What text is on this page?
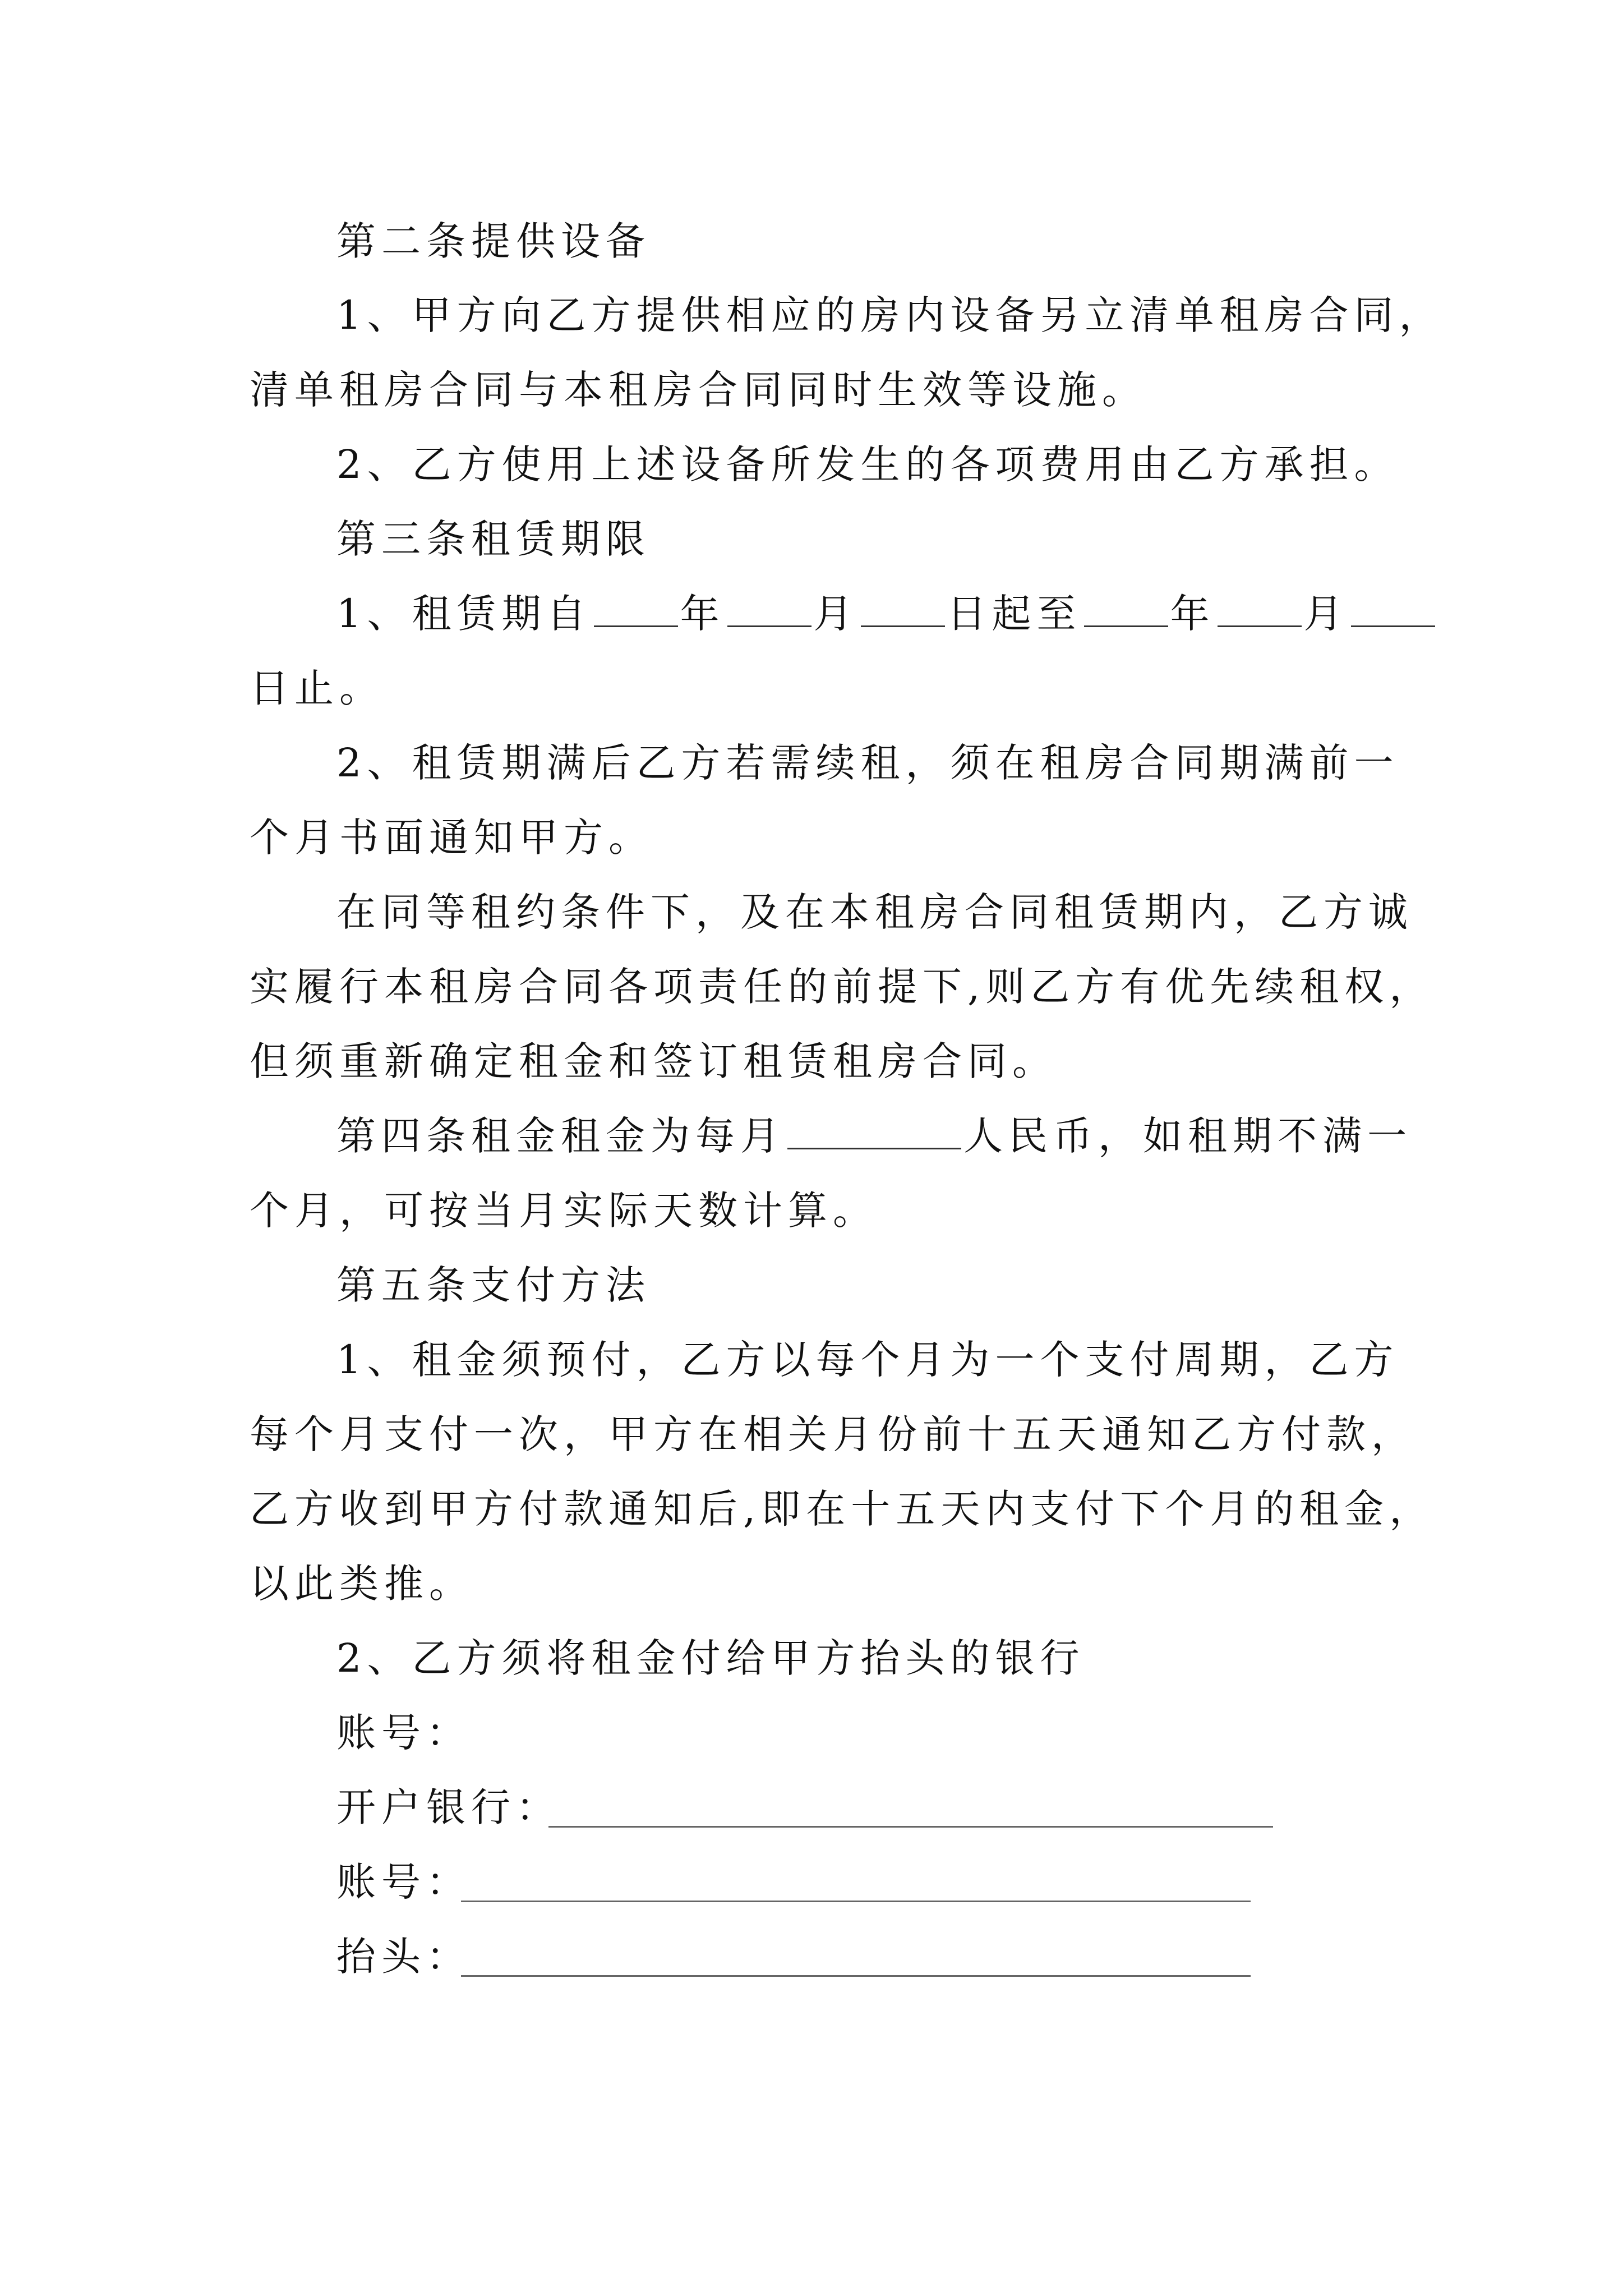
第二条提供设备
1、甲方向乙方提供相应的房内设备另立清单租房合同，
清单租房合同与本租房合同同时生效等设施。
2、乙方使用上述设备所发生的各项费用由乙方承担。
第三条租赁期限
1、租赁期自 年 月 日起至 年 月
日止。
2、租赁期满后乙方若需续租，须在租房合同期满前一
个月书面通知甲方。
在同等租约条件下，及在本租房合同租赁期内，乙方诚
实履行本租房合同各项责任的前提下,则乙方有优先续租权，
但须重新确定租金和签订租赁租房合同。
第四条租金租金为每月	人民币，如租期不满一
个月，可按当月实际天数计算。
第五条支付方法
1、租金须预付，乙方以每个月为一个支付周期，乙方
每个月支付一次，甲方在相关月份前十五天通知乙方付款，
乙方收到甲方付款通知后,即在十五天内支付下个月的租金，
以此类推。
2、乙方须将租金付给甲方抬头的银行
账号：
开户银行：
账号：
抬头：
